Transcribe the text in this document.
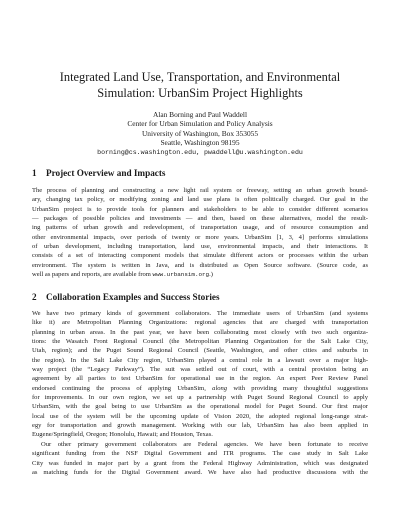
Integrated Land Use, Transportation, and Environmental
Simulation: UrbanSim Project Highlights
Alan Borning and Paul Waddell
Center for Urban Simulation and Policy Analysis
University of Washington, Box 353055
Seattle, Washington 98195
borning@cs.washington.edu, pwaddell@u.washington.edu
1 Project Overview and Impacts
The process of planning and constructing a new light rail system or freeway, setting an urban growth bound-
ary, changing tax policy, or modifying zoning and land use plans is often politically charged. Our goal in the
UrbanSim project is to provide tools for planners and stakeholders to be able to consider different scenarios
— packages of possible policies and investments — and then, based on these alternatives, model the result-
ing patterns of urban growth and redevelopment, of transportation usage, and of resource consumption and
other environmental impacts, over periods of twenty or more years. UrbanSim [1, 3, 4] performs simulations
of urban development, including transportation, land use, environmental impacts, and their interactions. It
consists of a set of interacting component models that simulate different actors or processes within the urban
environment. The system is written in Java, and is distributed as Open Source software. (Source code, as
well as papers and reports, are available from www.urbansim.org.)
2 Collaboration Examples and Success Stories
We have two primary kinds of government collaborators. The immediate users of UrbanSim (and systems
like it) are Metropolitan Planning Organizations: regional agencies that are charged with transportation
planning in urban areas. In the past year, we have been collaborating most closely with two such organiza-
tions: the Wasatch Front Regional Council (the Metropolitan Planning Organization for the Salt Lake City,
Utah, region); and the Puget Sound Regional Council (Seattle, Washington, and other cities and suburbs in
the region). In the Salt Lake City region, UrbanSim played a central role in a lawsuit over a major high-
way project (the “Legacy Parkway”). The suit was settled out of court, with a central provision being an
agreement by all parties to test UrbanSim for operational use in the region. An expert Peer Review Panel
endorsed continuing the process of applying UrbanSim, along with providing many thoughtful suggestions
for improvements. In our own region, we set up a partnership with Puget Sound Regional Council to apply
UrbanSim, with the goal being to use UrbanSim as the operational model for Puget Sound. Our first major
local use of the system will be the upcoming update of Vision 2020, the adopted regional long-range strat-
egy for transportation and growth management. Working with our lab, UrbanSim has also been applied in
Eugene/Springfield, Oregon; Honolulu, Hawaii; and Houston, Texas.
Our other primary government collaborators are Federal agencies. We have been fortunate to receive
significant funding from the NSF Digital Government and ITR programs. The case study in Salt Lake
City was funded in major part by a grant from the Federal Highway Administration, which was designated
as matching funds for the Digital Government award. We have also had productive discussions with the
